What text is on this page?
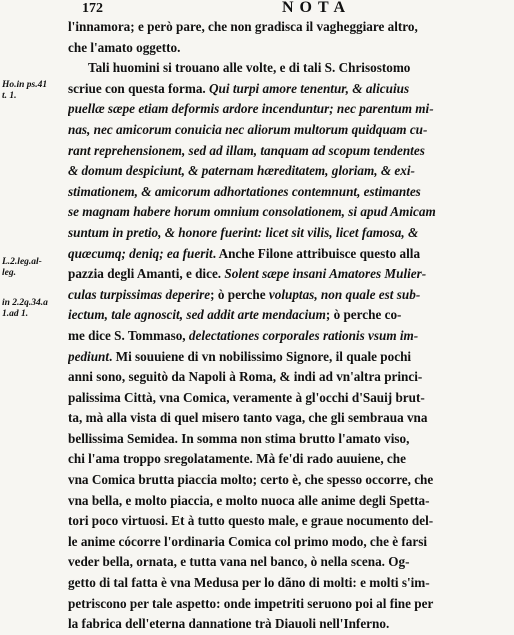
172	NOTA
Ho.in ps.41
t. 1.
L.2.leg.al-
leg.
in 2.2q.34.a
1.ad 1.
l'innamora; e però pare, che non gradisca il vagheggiare altro,
che l'amato oggetto.
Tali huomini si trouano alle volte, e di tali S. Chrisostomo
scriue con questa forma. Qui turpi amore tenentur, & alicuius
puellæ sæpe etiam deformis ardore incenduntur; nec parentum mi-
nas, nec amicorum conuicia nec aliorum multorum quidquam cu-
rant reprehensionem, sed ad illam, tanquam ad scopum tendentes
& domum despiciunt, & paternam hæreditatem, gloriam, & exi-
stimationem, & amicorum adhortationes contemnunt, estimantes
se magnam habere horum omnium consolationem, si apud Amicam
suntum in pretio, & honore fuerint: licet sit vilis, licet famosa, &
quæcumq; deniq; ea fuerit. Anche Filone attribuisce questo alla
pazzia degli Amanti, e dice. Solent sæpe insani Amatores Mulier-
culas turpissimas deperire; ò perche voluptas, non quale est sub-
iectum, tale agnoscit, sed addit arte mendacium; ò perche co-
me dice S. Tommaso, delectationes corporales rationis vsum im-
pediunt. Mi souuiene di vn nobilissimo Signore, il quale pochi
anni sono, seguitò da Napoli à Roma, & indi ad vn'altra princi-
palissima Città, vna Comica, veramente à gl'occhi d'Sauij brut-
ta, mà alla vista di quel misero tanto vaga, che gli sembraua vna
bellissima Semidea. In somma non stima brutto l'amato viso,
chi l'ama troppo sregolatamente. Mà fe'di rado auuiene, che
vna Comica brutta piaccia molto; certo è, che spesso occorre, che
vna bella, e molto piaccia, e molto nuoca alle anime degli Spetta-
tori poco virtuosi. Et à tutto questo male, e graue nocumento del-
le anime cócorre l'ordinaria Comica col primo modo, che è farsi
veder bella, ornata, e tutta vana nel banco, ò nella scena. Og-
getto di tal fatta è vna Medusa per lo dãno di molti: e molti s'im-
petriscono per tale aspetto: onde impetriti seruono poi al fine per
la fabrica dell'eterna dannatione trà Diauoli nell'Inferno.
